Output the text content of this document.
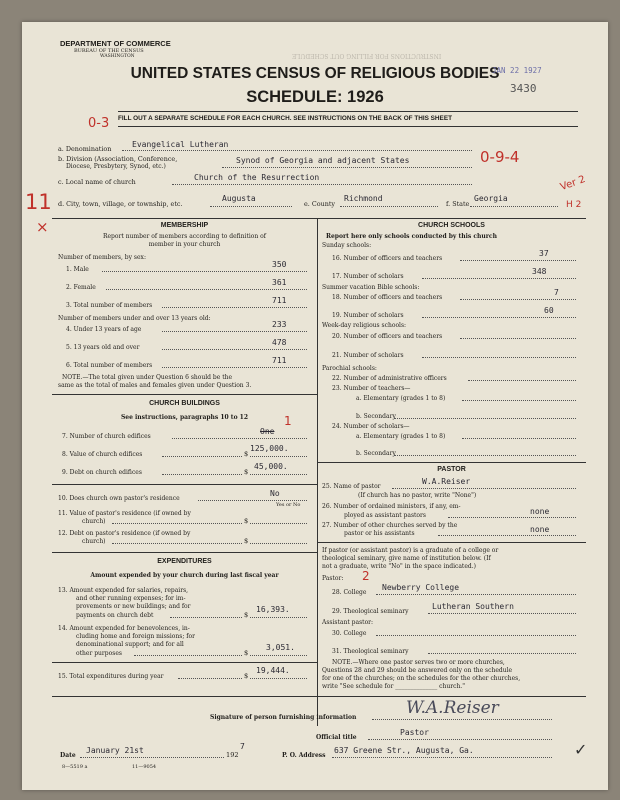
INSTRUCTIONS FOR FILLING OUT SCHEDULE
DEPARTMENT OF COMMERCE
BUREAU OF THE CENSUS
WASHINGTON
UNITED STATES CENSUS OF RELIGIOUS BODIES
SCHEDULE: 1926
JAN 22 1927
3430
FILL OUT A SEPARATE SCHEDULE FOR EACH CHURCH. SEE INSTRUCTIONS ON THE BACK OF THIS SHEET
0-3
0-9-4
11
×
Ver 2
H 2
a. Denomination	Evangelical Lutheran
b. Division (Association, Conference,
Diocese, Presbytery, Synod, etc.)
Synod of Georgia and adjacent States
c. Local name of church	Church of the Resurrection
d. City, town, village, or township, etc.
Augusta
e. County
Richmond
f. State
Georgia
MEMBERSHIP
Report number of members according to definition of
member in your church
Number of members, by sex:
1. Male
350
2. Female
361
3. Total number of members
711
Number of members under and over 13 years old:
4. Under 13 years of age
233
5. 13 years old and over
478
6. Total number of members
711
NOTE.—The total given under Question 6 should be the
same as the total of males and females given under Question 3.
CHURCH BUILDINGS
See instructions, paragraphs 10 to 12	1
7. Number of church edifices
One
8. Value of church edifices	$
125,000.
9. Debt on church edifices	$
45,000.
10. Does church own pastor's residence
No
Yes or No
11. Value of pastor's residence (if owned by
church)	$
12. Debt on pastor's residence (if owned by
church)	$
EXPENDITURES
Amount expended by your church during last fiscal year
13. Amount expended for salaries, repairs,
and other running expenses; for im-
provements or new buildings; and for
payments on church debt	$
16,393.
14. Amount expended for benevolences, in-
cluding home and foreign missions; for
denominational support; and for all
other purposes	$
3,051.
15. Total expenditures during year	$
19,444.
CHURCH SCHOOLS
Report here only schools conducted by this church
Sunday schools:
16. Number of officers and teachers
37
17. Number of scholars
348
Summer vacation Bible schools:
18. Number of officers and teachers
7
19. Number of scholars
60
Week-day religious schools:
20. Number of officers and teachers
21. Number of scholars
Parochial schools:
22. Number of administrative officers
23. Number of teachers—
a. Elementary (grades 1 to 8)
b. Secondary
24. Number of scholars—
a. Elementary (grades 1 to 8)
b. Secondary
PASTOR
25. Name of pastor
W.A.Reiser
(If church has no pastor, write "None")
26. Number of ordained ministers, if any, em-
ployed as assistant pastors	none
27. Number of other churches served by the
pastor or his assistants	none
If pastor (or assistant pastor) is a graduate of a college or
theological seminary, give name of institution below. (If
not a graduate, write "No" in the space indicated.)
Pastor: 2
28. College
Newberry College
29. Theological seminary
Lutheran Southern
Assistant pastor:
30. College
31. Theological seminary
NOTE.—Where one pastor serves two or more churches,
Questions 28 and 29 should be answered only on the schedule
for one of the churches; on the schedules for the other churches,
write "See schedule for ______________ church."
Signature of person furnishing information	W.A.Reiser
Official title
Pastor
Date
January 21st	192
7
P. O. Address
637 Greene Str., Augusta, Ga.
8—5519 a	11—9054
✓
